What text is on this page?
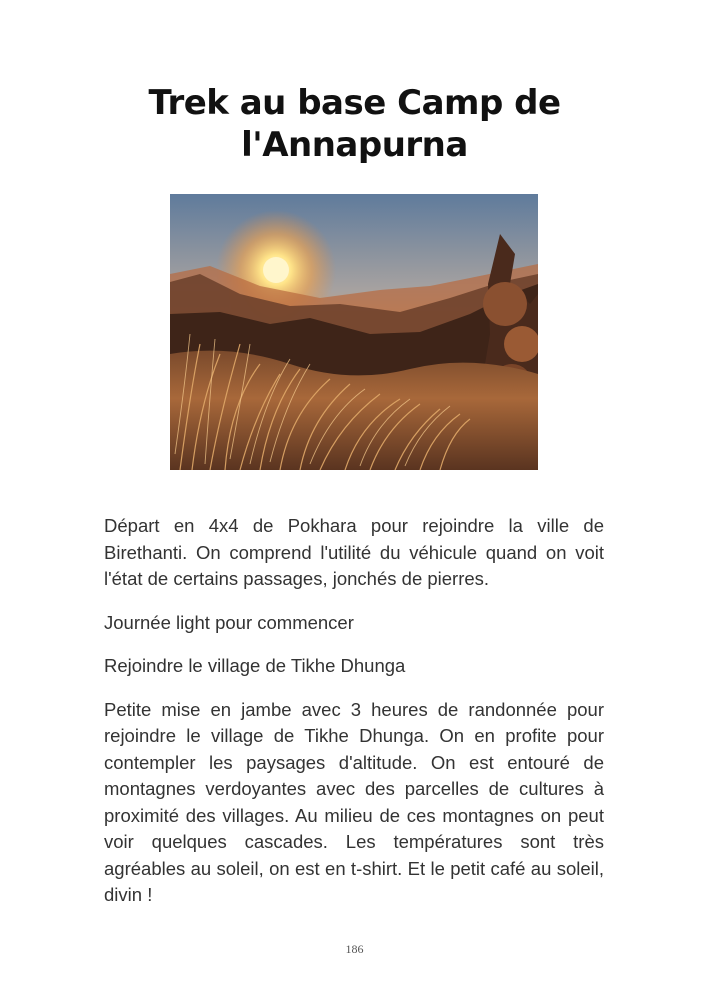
Trek au base Camp de l'Annapurna

Départ en 4x4 de Pokhara pour rejoindre la ville de Birethanti. On comprend l'utilité du véhicule quand on voit l'état de certains passages, jonchés de pierres.

Journée light pour commencer

Rejoindre le village de Tikhe Dhunga

Petite mise en jambe avec 3 heures de randonnée pour rejoindre le village de Tikhe Dhunga. On en profite pour contempler les paysages d'altitude. On est entouré de montagnes verdoyantes avec des parcelles de cultures à proximité des villages. Au milieu de ces montagnes on peut voir quelques cascades. Les températures sont très agréables au soleil, on est en t-shirt. Et le petit café au soleil, divin !

186
